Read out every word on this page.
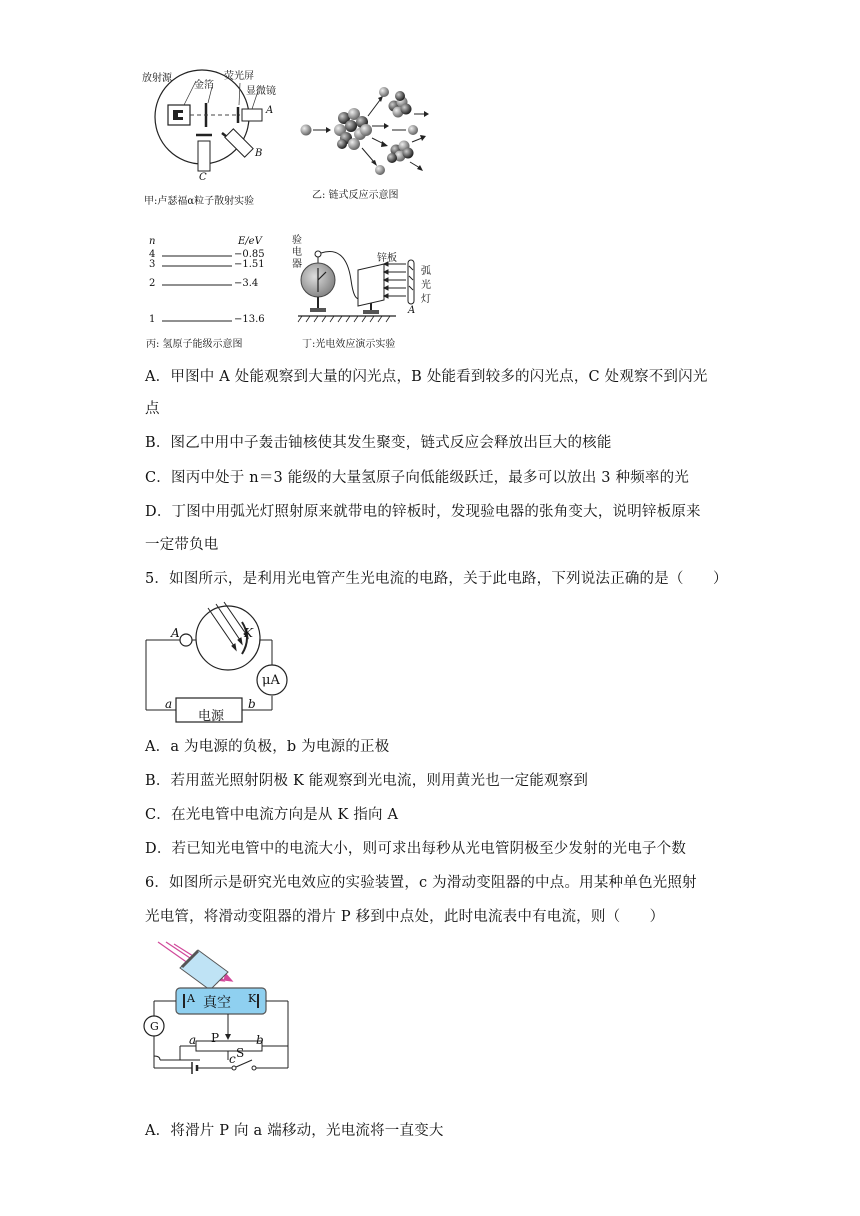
放射源
金箔
荧光屏
显微镜
A
B
C
甲:卢瑟福α粒子散射实验
乙: 链式反应示意图
n	E/eV
4	−0.85
3	−1.51
2	−3.4
1	−13.6
丙: 氢原子能级示意图
验
电
器
锌板
弧
光
灯
A
丁:光电效应演示实验
A．甲图中 A 处能观察到大量的闪光点，B 处能看到较多的闪光点，C 处观察不到闪光
点
B．图乙中用中子轰击铀核使其发生聚变，链式反应会释放出巨大的核能
C．图丙中处于 n＝3 能级的大量氢原子向低能级跃迁，最多可以放出 3 种频率的光
D．丁图中用弧光灯照射原来就带电的锌板时，发现验电器的张角变大，说明锌板原来
一定带负电
5．如图所示，是利用光电管产生光电流的电路，关于此电路，下列说法正确的是（　　）
A	K
μA
a	b
电源
A．a 为电源的负极，b 为电源的正极
B．若用蓝光照射阴极 K 能观察到光电流，则用黄光也一定能观察到
C．在光电管中电流方向是从 K 指向 A
D．若已知光电管中的电流大小，则可求出每秒从光电管阴极至少发射的光电子个数
6．如图所示是研究光电效应的实验装置，c 为滑动变阻器的中点。用某种单色光照射
光电管，将滑动变阻器的滑片 P 移到中点处，此时电流表中有电流，则（　　）
A	K
真空
G
P
a	b
c S
A．将滑片 P 向 a 端移动，光电流将一直变大
